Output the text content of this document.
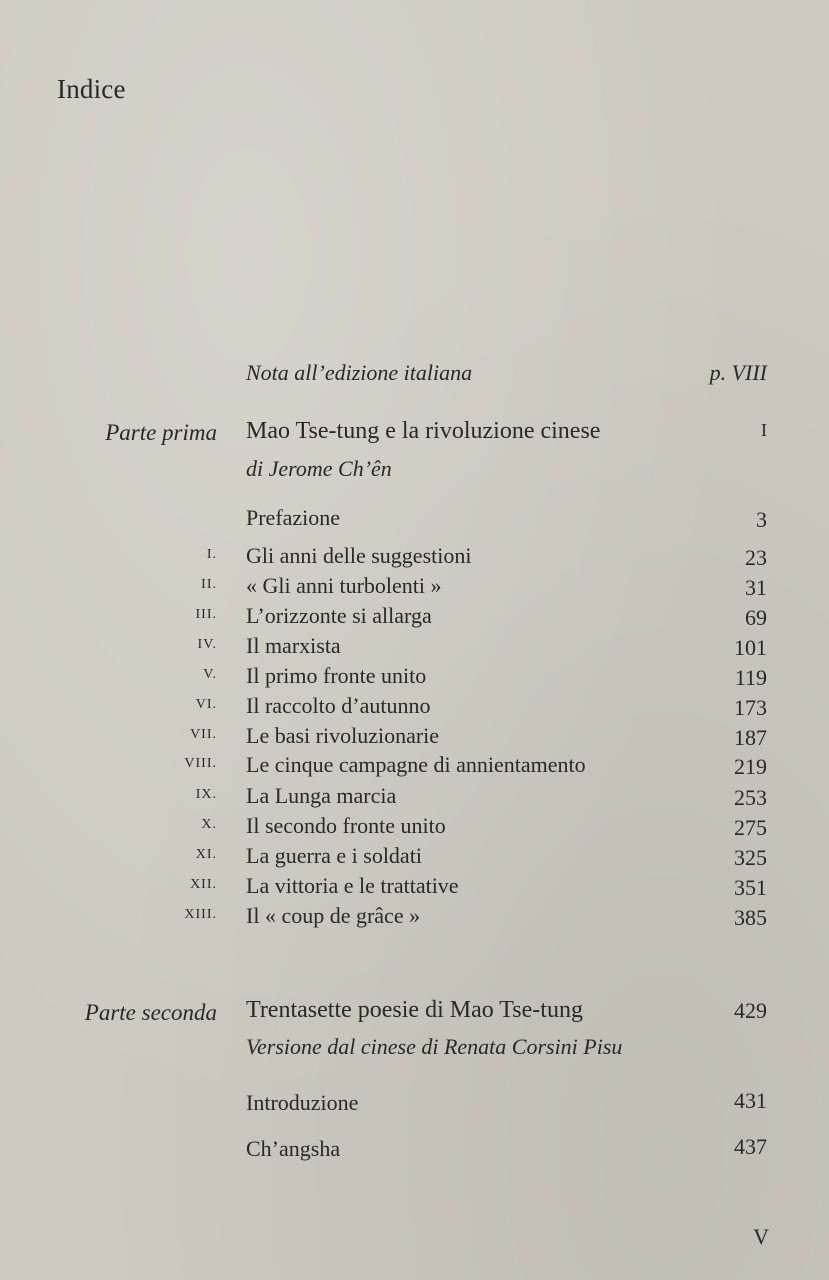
Indice
Nota all’edizione italiana	p. VIII
Parte prima Mao Tse-tung e la rivoluzione cinese	I
di Jerome Ch’ên
Prefazione	3
I. Gli anni delle suggestioni	23
II. « Gli anni turbolenti »	31
III. L’orizzonte si allarga	69
IV. Il marxista	101
V. Il primo fronte unito	119
VI. Il raccolto d’autunno	173
VII. Le basi rivoluzionarie	187
VIII. Le cinque campagne di annientamento	219
IX. La Lunga marcia	253
X. Il secondo fronte unito	275
XI. La guerra e i soldati	325
XII. La vittoria e le trattative	351
XIII. Il « coup de grâce »	385
Parte seconda Trentasette poesie di Mao Tse-tung	429
Versione dal cinese di Renata Corsini Pisu
Introduzione	431
Ch’angsha	437
V
